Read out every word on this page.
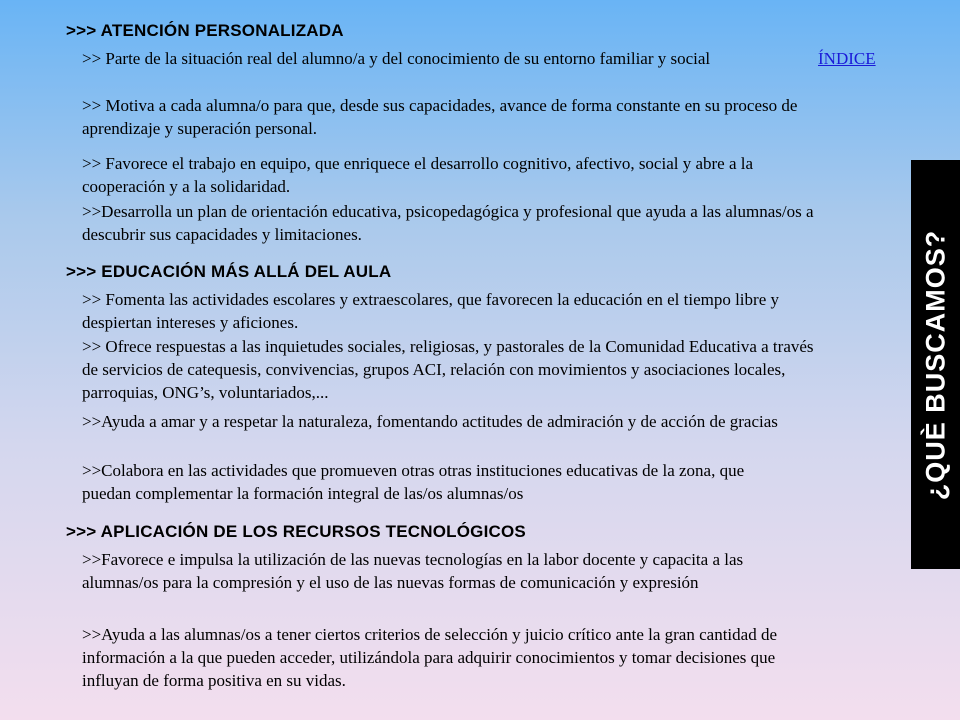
>>> ATENCIÓN PERSONALIZADA

>> Parte de la situación real del alumno/a y del conocimiento de su entorno familiar y social

>> Motiva a cada alumna/o para que, desde sus capacidades, avance de forma constante en su proceso de aprendizaje y superación personal.

>> Favorece el trabajo en equipo, que enriquece el desarrollo cognitivo, afectivo, social y abre a la cooperación y a la solidaridad.

>>Desarrolla un plan de orientación educativa, psicopedagógica y profesional que ayuda a las alumnas/os a descubrir sus capacidades y limitaciones.

>>> EDUCACIÓN MÁS ALLÁ DEL AULA

>> Fomenta las actividades escolares y extraescolares, que favorecen la educación en el tiempo libre y despiertan intereses y aficiones.

>> Ofrece respuestas a las inquietudes sociales, religiosas, y pastorales de la Comunidad Educativa a través de servicios de catequesis, convivencias, grupos ACI, relación con movimientos y asociaciones locales, parroquias, ONG’s, voluntariados,...

>>Ayuda a amar y a respetar la naturaleza, fomentando actitudes de admiración y de acción de gracias

>>Colabora en las actividades que promueven otras otras instituciones educativas de la zona, que puedan complementar la formación integral de las/os alumnas/os

>>> APLICACIÓN DE LOS RECURSOS TECNOLÓGICOS

>>Favorece e impulsa la utilización de las nuevas tecnologías en la labor docente y capacita a las alumnas/os para la compresión y el uso de las nuevas formas de comunicación y expresión

>>Ayuda a las alumnas/os a tener ciertos criterios de selección y juicio crítico ante la gran cantidad de información a la que pueden acceder, utilizándola para adquirir conocimientos y tomar decisiones que influyan de forma positiva en su vidas.

ÍNDICE
¿QUÈ BUSCAMOS?
